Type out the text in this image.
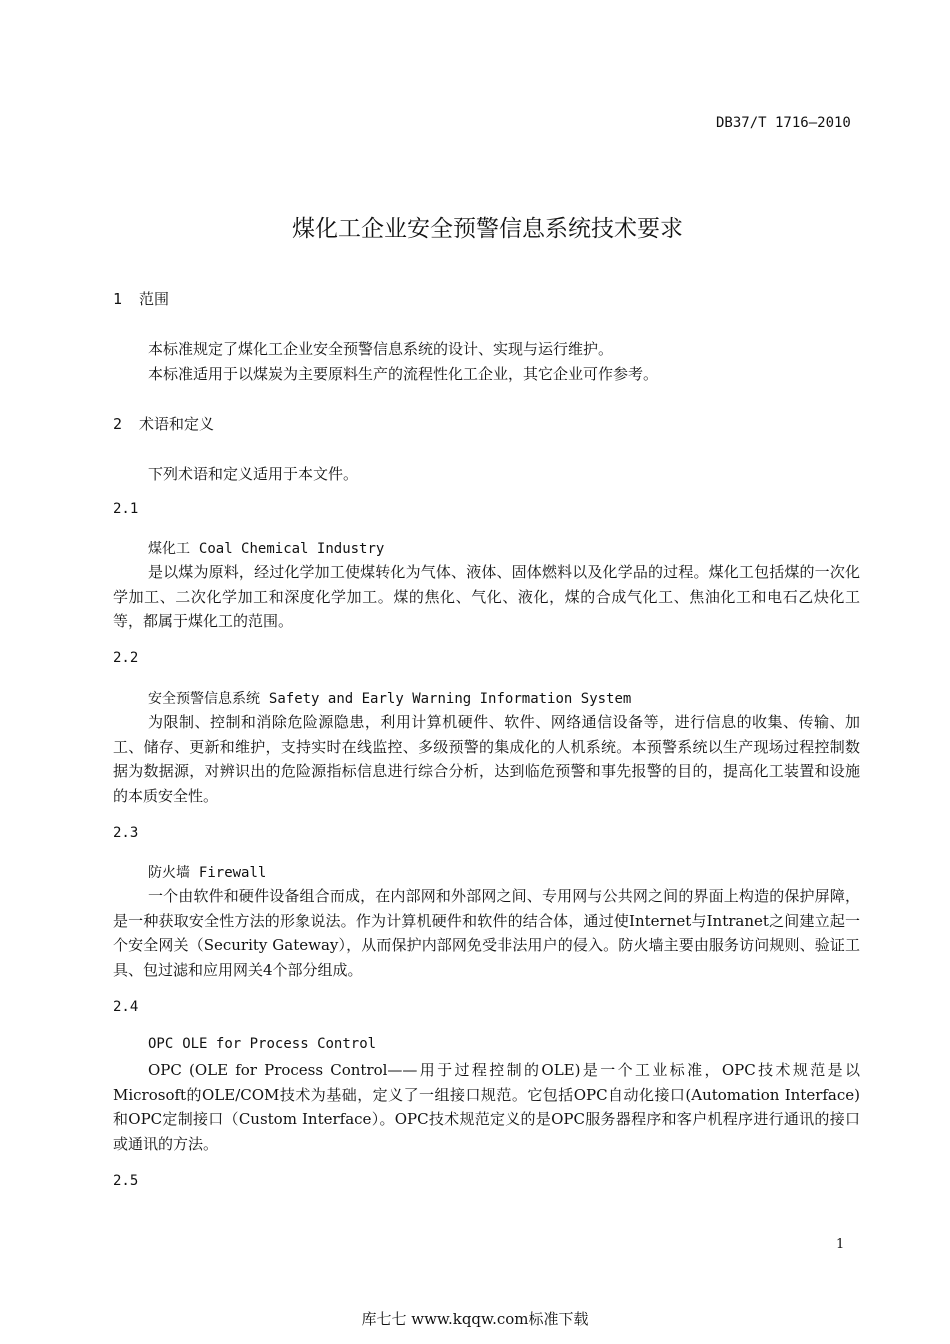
DB37/T 1716—2010
煤化工企业安全预警信息系统技术要求
1 范围
本标准规定了煤化工企业安全预警信息系统的设计、实现与运行维护。
本标准适用于以煤炭为主要原料生产的流程性化工企业，其它企业可作参考。
2 术语和定义
下列术语和定义适用于本文件。
2.1
煤化工 Coal Chemical Industry
是以煤为原料，经过化学加工使煤转化为气体、液体、固体燃料以及化学品的过程。煤化工包括煤的一次化学加工、二次化学加工和深度化学加工。煤的焦化、气化、液化，煤的合成气化工、焦油化工和电石乙炔化工等，都属于煤化工的范围。
2.2
安全预警信息系统 Safety and Early Warning Information System
为限制、控制和消除危险源隐患，利用计算机硬件、软件、网络通信设备等，进行信息的收集、传输、加工、储存、更新和维护，支持实时在线监控、多级预警的集成化的人机系统。本预警系统以生产现场过程控制数据为数据源，对辨识出的危险源指标信息进行综合分析，达到临危预警和事先报警的目的，提高化工装置和设施的本质安全性。
2.3
防火墙 Firewall
一个由软件和硬件设备组合而成，在内部网和外部网之间、专用网与公共网之间的界面上构造的保护屏障，是一种获取安全性方法的形象说法。作为计算机硬件和软件的结合体，通过使Internet与Intranet之间建立起一个安全网关（Security Gateway），从而保护内部网免受非法用户的侵入。防火墙主要由服务访问规则、验证工具、包过滤和应用网关4个部分组成。
2.4
OPC OLE for Process Control
OPC (OLE for Process Control——用于过程控制的OLE)是一个工业标准，OPC技术规范是以Microsoft的OLE/COM技术为基础，定义了一组接口规范。它包括OPC自动化接口(Automation Interface)和OPC定制接口（Custom Interface）。OPC技术规范定义的是OPC服务器程序和客户机程序进行通讯的接口或通讯的方法。
2.5
1
库七七 www.kqqw.com标准下载
